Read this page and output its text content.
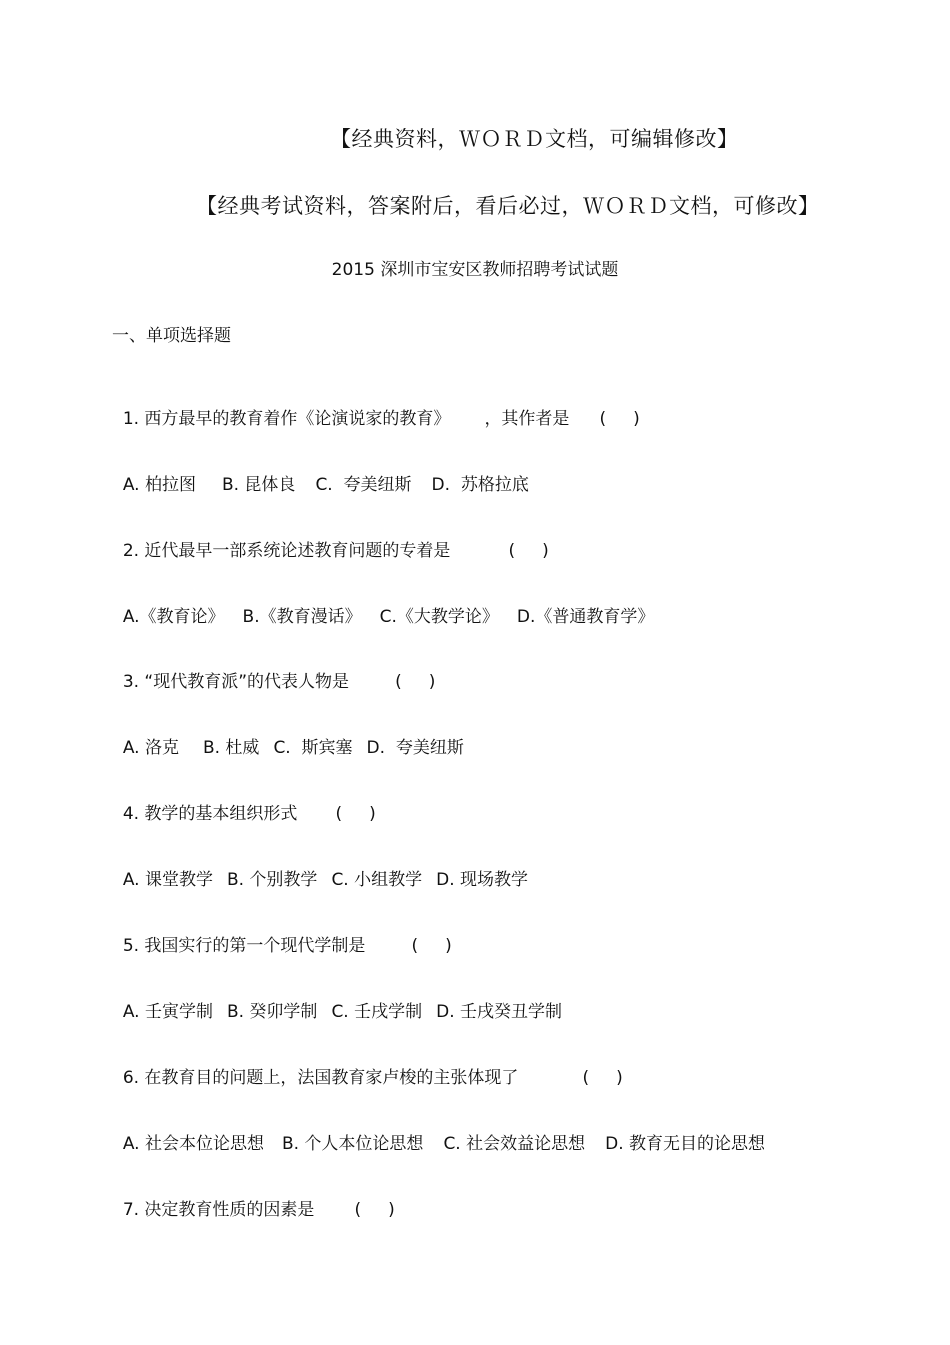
【经典资料，ＷＯＲＤ文档，可编辑修改】
【经典考试资料，答案附后，看后必过，ＷＯＲＤ文档，可修改】
2015 深圳市宝安区教师招聘考试试题
一、单项选择题

1. 西方最早的教育着作《论演说家的教育》 ，其作者是 (     )

A. 柏拉图 B. 昆体良 C.  夸美纽斯 D.  苏格拉底

2. 近代最早一部系统论述教育问题的专着是	(     )

A.《教育论》 B.《教育漫话》 C.《大教学论》 D.《普通教育学》

3. “现代教育派”的代表人物是	(     )

A. 洛克 B. 杜威 C.  斯宾塞 D.  夸美纽斯

4. 教学的基本组织形式 (     )

A. 课堂教学 B. 个别教学 C. 小组教学 D. 现场教学

5. 我国实行的第一个现代学制是	(     )

A. 壬寅学制 B. 癸卯学制 C. 壬戌学制 D. 壬戌癸丑学制

6. 在教育目的问题上，法国教育家卢梭的主张体现了	(     )

A. 社会本位论思想 B. 个人本位论思想 C. 社会效益论思想 D. 教育无目的论思想

7. 决定教育性质的因素是 (     )
